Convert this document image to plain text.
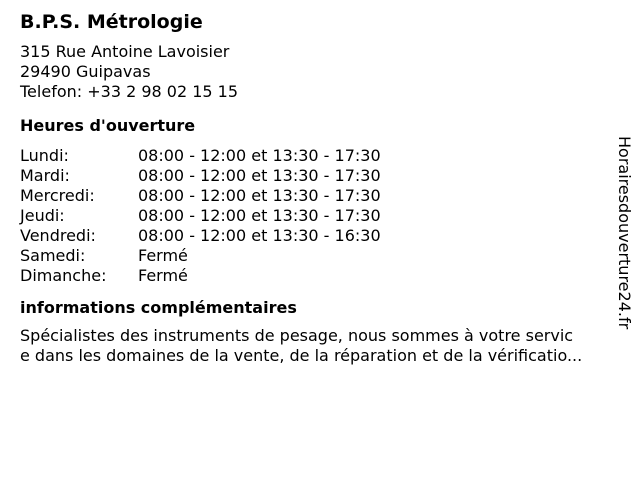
B.P.S. Métrologie
315 Rue Antoine Lavoisier
29490 Guipavas
Telefon: +33 2 98 02 15 15
Heures d'ouverture
Lundi:	08:00 - 12:00 et 13:30 - 17:30
Mardi:	08:00 - 12:00 et 13:30 - 17:30
Mercredi:	08:00 - 12:00 et 13:30 - 17:30
Jeudi:	08:00 - 12:00 et 13:30 - 17:30
Vendredi:	08:00 - 12:00 et 13:30 - 16:30
Samedi:	Fermé
Dimanche:	Fermé
informations complémentaires
Spécialistes des instruments de pesage, nous sommes à votre servic
e dans les domaines de la vente, de la réparation et de la vérificatio...
Horairesdouverture24.fr
